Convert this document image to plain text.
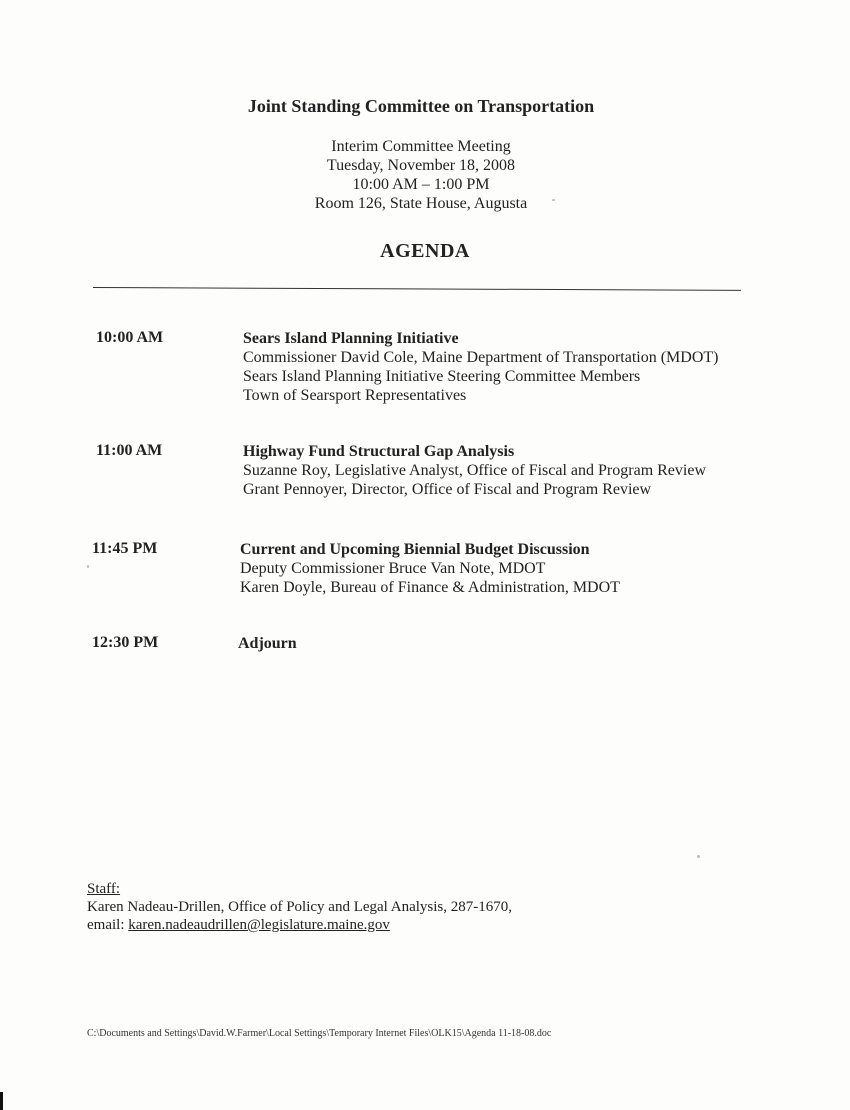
Joint Standing Committee on Transportation
Interim Committee Meeting
Tuesday, November 18, 2008
10:00 AM – 1:00 PM
Room 126, State House, Augusta
AGENDA
10:00 AM	Sears Island Planning Initiative
Commissioner David Cole, Maine Department of Transportation (MDOT)
Sears Island Planning Initiative Steering Committee Members
Town of Searsport Representatives
11:00 AM	Highway Fund Structural Gap Analysis
Suzanne Roy, Legislative Analyst, Office of Fiscal and Program Review
Grant Pennoyer, Director, Office of Fiscal and Program Review
11:45 PM	Current and Upcoming Biennial Budget Discussion
Deputy Commissioner Bruce Van Note, MDOT
Karen Doyle, Bureau of Finance & Administration, MDOT
12:30 PM	Adjourn
Staff:
Karen Nadeau-Drillen, Office of Policy and Legal Analysis, 287-1670,
email: karen.nadeaudrillen@legislature.maine.gov
C:\Documents and Settings\David.W.Farmer\Local Settings\Temporary Internet Files\OLK15\Agenda 11-18-08.doc
